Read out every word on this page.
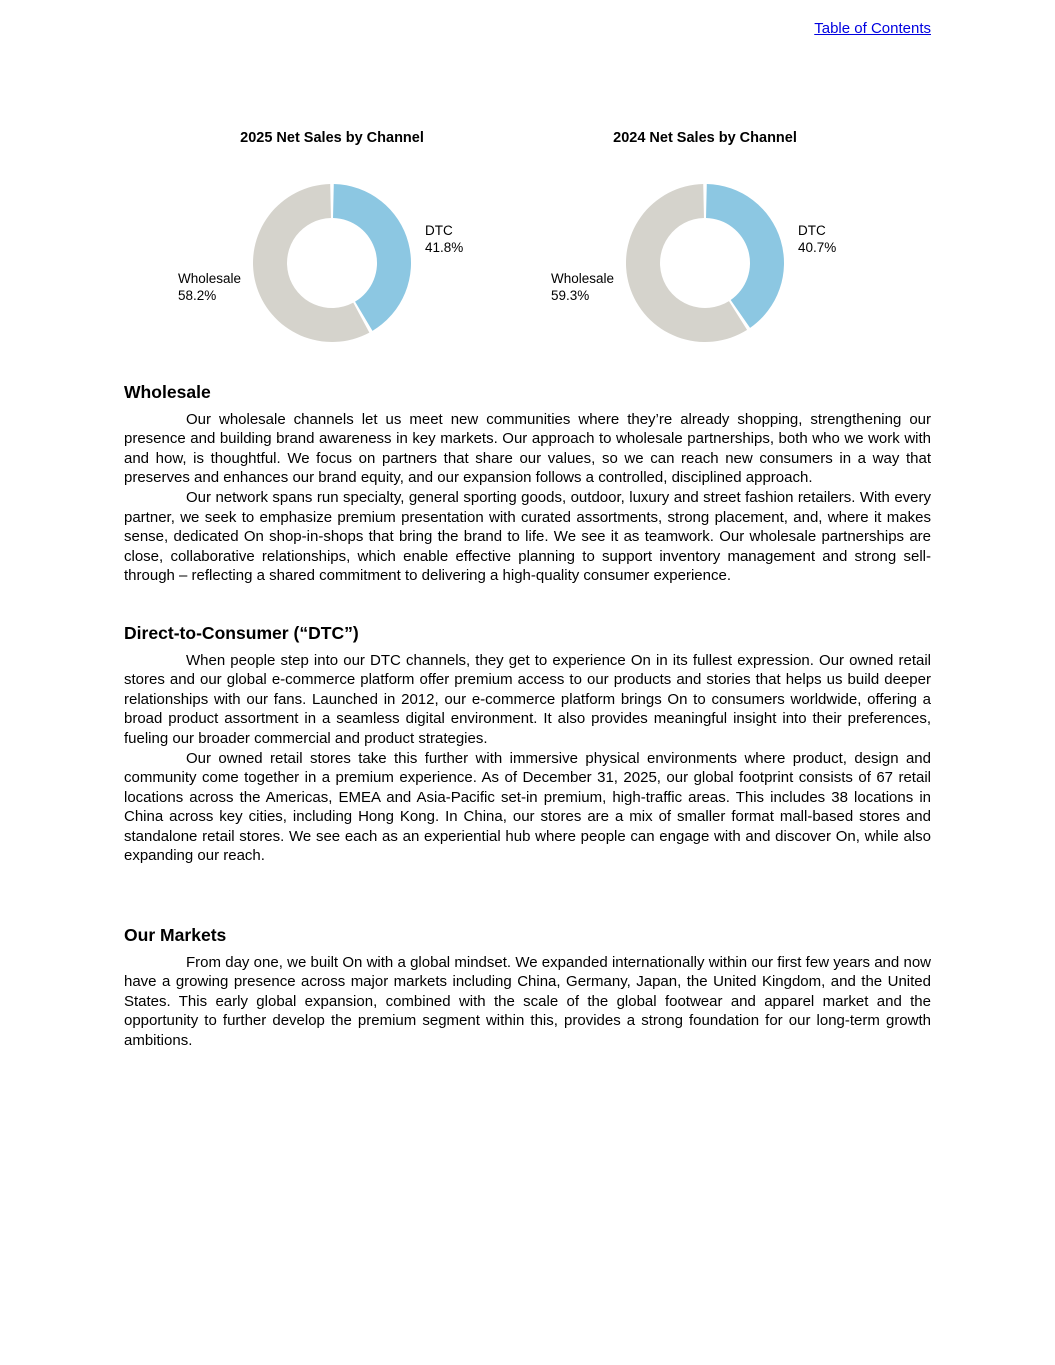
Table of Contents
2025 Net Sales by Channel
DTC
41.8%
Wholesale
58.2%
2024 Net Sales by Channel
DTC
40.7%
Wholesale
59.3%
Wholesale

Our wholesale channels let us meet new communities where they’re already shopping, strengthening our presence and building brand awareness in key markets. Our approach to wholesale partnerships, both who we work with and how, is thoughtful. We focus on partners that share our values, so we can reach new consumers in a way that preserves and enhances our brand equity, and our expansion follows a controlled, disciplined approach.

Our network spans run specialty, general sporting goods, outdoor, luxury and street fashion retailers. With every partner, we seek to emphasize premium presentation with curated assortments, strong placement, and, where it makes sense, dedicated On shop-in-shops that bring the brand to life. We see it as teamwork. Our wholesale partnerships are close, collaborative relationships, which enable effective planning to support inventory management and strong sell-through – reflecting a shared commitment to delivering a high-quality consumer experience.

Direct-to-Consumer (“DTC”)

When people step into our DTC channels, they get to experience On in its fullest expression. Our owned retail stores and our global e-commerce platform offer premium access to our products and stories that helps us build deeper relationships with our fans. Launched in 2012, our e-commerce platform brings On to consumers worldwide, offering a broad product assortment in a seamless digital environment. It also provides meaningful insight into their preferences, fueling our broader commercial and product strategies.

Our owned retail stores take this further with immersive physical environments where product, design and community come together in a premium experience. As of December 31, 2025, our global footprint consists of 67 retail locations across the Americas, EMEA and Asia-Pacific set-in premium, high-traffic areas. This includes 38 locations in China across key cities, including Hong Kong. In China, our stores are a mix of smaller format mall-based stores and standalone retail stores. We see each as an experiential hub where people can engage with and discover On, while also expanding our reach.

Our Markets

From day one, we built On with a global mindset. We expanded internationally within our first few years and now have a growing presence across major markets including China, Germany, Japan, the United Kingdom, and the United States. This early global expansion, combined with the scale of the global footwear and apparel market and the opportunity to further develop the premium segment within this, provides a strong foundation for our long-term growth ambitions.
